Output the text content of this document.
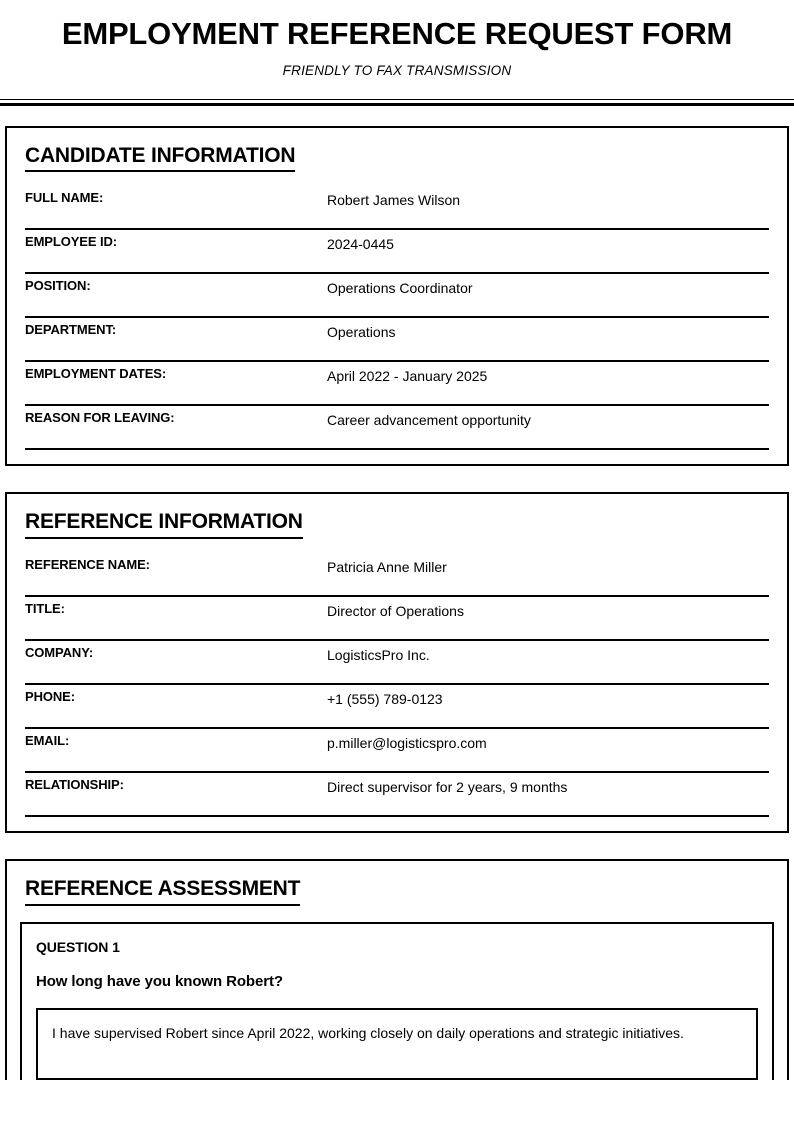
EMPLOYMENT REFERENCE REQUEST FORM
FRIENDLY TO FAX TRANSMISSION
CANDIDATE INFORMATION
FULL NAME:	Robert James Wilson
EMPLOYEE ID:	2024-0445
POSITION:	Operations Coordinator
DEPARTMENT:	Operations
EMPLOYMENT DATES:	April 2022 - January 2025
REASON FOR LEAVING:	Career advancement opportunity
REFERENCE INFORMATION
REFERENCE NAME:	Patricia Anne Miller
TITLE:	Director of Operations
COMPANY:	LogisticsPro Inc.
PHONE:	+1 (555) 789-0123
EMAIL:	p.miller@logisticspro.com
RELATIONSHIP:	Direct supervisor for 2 years, 9 months
REFERENCE ASSESSMENT
QUESTION 1
How long have you known Robert?
I have supervised Robert since April 2022, working closely on daily operations and strategic initiatives.
